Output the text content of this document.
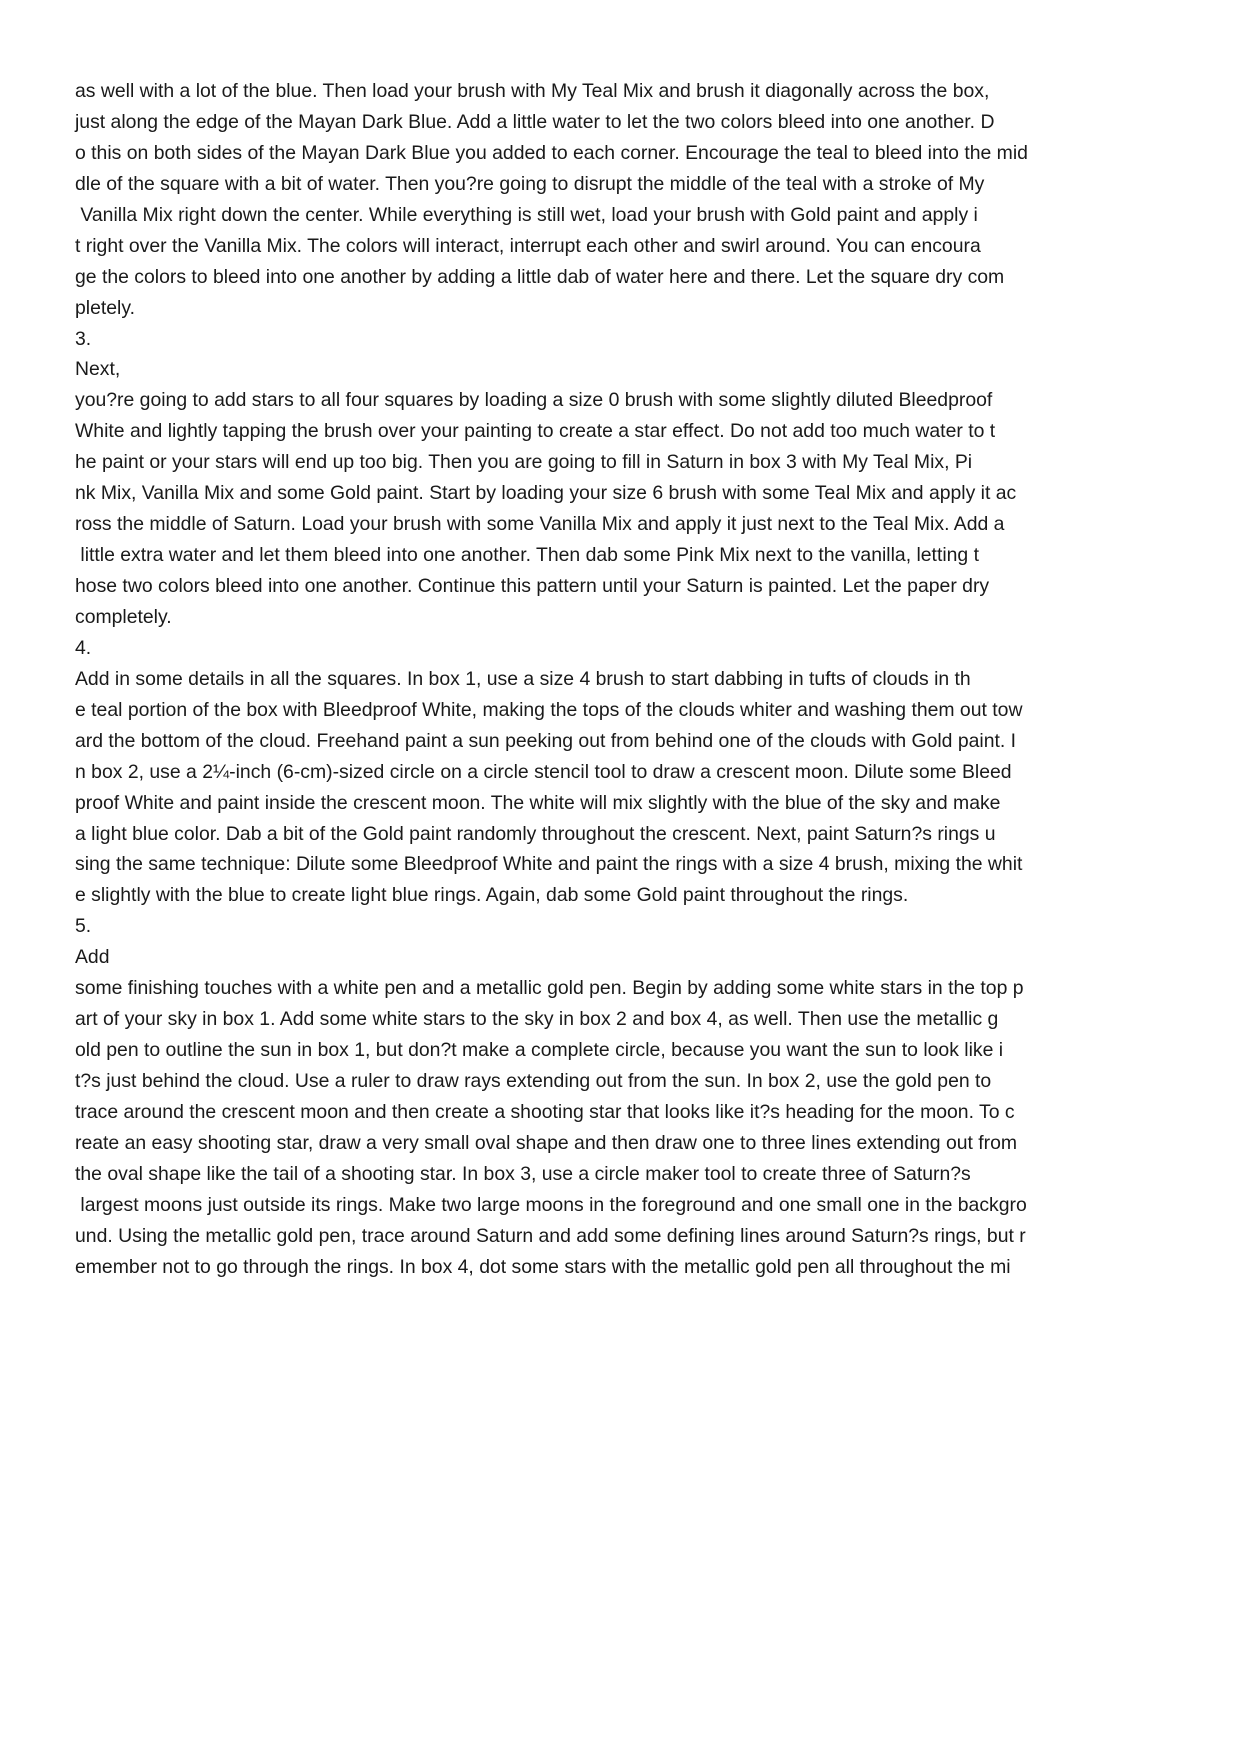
as well with a lot of the blue. Then load your brush with My Teal Mix and brush it diagonally across the box,
just along the edge of the Mayan Dark Blue. Add a little water to let the two colors bleed into one another. D
o this on both sides of the Mayan Dark Blue you added to each corner. Encourage the teal to bleed into the mid
dle of the square with a bit of water. Then you?re going to disrupt the middle of the teal with a stroke of My
Vanilla Mix right down the center. While everything is still wet, load your brush with Gold paint and apply i
t right over the Vanilla Mix. The colors will interact, interrupt each other and swirl around. You can encoura
ge the colors to bleed into one another by adding a little dab of water here and there. Let the square dry com
pletely.
3.
Next,
you?re going to add stars to all four squares by loading a size 0 brush with some slightly diluted Bleedproof
White and lightly tapping the brush over your painting to create a star effect. Do not add too much water to t
he paint or your stars will end up too big. Then you are going to fill in Saturn in box 3 with My Teal Mix, Pi
nk Mix, Vanilla Mix and some Gold paint. Start by loading your size 6 brush with some Teal Mix and apply it ac
ross the middle of Saturn. Load your brush with some Vanilla Mix and apply it just next to the Teal Mix. Add a
little extra water and let them bleed into one another. Then dab some Pink Mix next to the vanilla, letting t
hose two colors bleed into one another. Continue this pattern until your Saturn is painted. Let the paper dry
completely.
4.
Add in some details in all the squares. In box 1, use a size 4 brush to start dabbing in tufts of clouds in th
e teal portion of the box with Bleedproof White, making the tops of the clouds whiter and washing them out tow
ard the bottom of the cloud. Freehand paint a sun peeking out from behind one of the clouds with Gold paint. I
n box 2, use a 2¼-inch (6-cm)-sized circle on a circle stencil tool to draw a crescent moon. Dilute some Bleed
proof White and paint inside the crescent moon. The white will mix slightly with the blue of the sky and make
a light blue color. Dab a bit of the Gold paint randomly throughout the crescent. Next, paint Saturn?s rings u
sing the same technique: Dilute some Bleedproof White and paint the rings with a size 4 brush, mixing the whit
e slightly with the blue to create light blue rings. Again, dab some Gold paint throughout the rings.
5.
Add
some finishing touches with a white pen and a metallic gold pen. Begin by adding some white stars in the top p
art of your sky in box 1. Add some white stars to the sky in box 2 and box 4, as well. Then use the metallic g
old pen to outline the sun in box 1, but don?t make a complete circle, because you want the sun to look like i
t?s just behind the cloud. Use a ruler to draw rays extending out from the sun. In box 2, use the gold pen to
trace around the crescent moon and then create a shooting star that looks like it?s heading for the moon. To c
reate an easy shooting star, draw a very small oval shape and then draw one to three lines extending out from
the oval shape like the tail of a shooting star. In box 3, use a circle maker tool to create three of Saturn?s
largest moons just outside its rings. Make two large moons in the foreground and one small one in the backgro
und. Using the metallic gold pen, trace around Saturn and add some defining lines around Saturn?s rings, but r
emember not to go through the rings. In box 4, dot some stars with the metallic gold pen all throughout the mi
